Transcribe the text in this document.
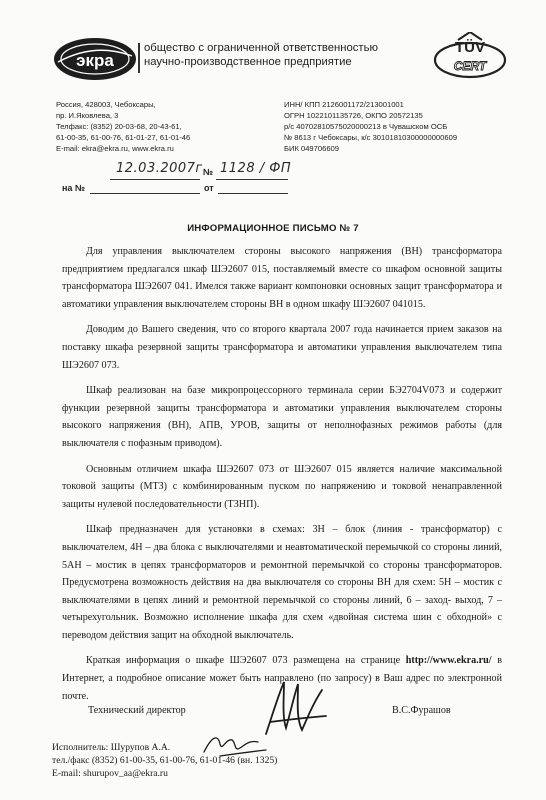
экра
общество с ограниченной ответственностью
научно-производственное предприятие
TÜV
CERT
Россия, 428003, Чебоксары,
пр. И.Яковлева, 3
Телфакс: (8352) 20-03-68, 20-43-61,
61-00-35, 61-00-76, 61-01-27, 61-01-46
E-mail: ekra@ekra.ru, www.ekra.ru
ИНН/ КПП 2126001172/213001001
ОГРН 1022101135726, ОКПО 20572135
р/с 40702810575020000213 в Чувашском ОСБ
№ 8613 г Чебоксары, к/с 30101810300000000609
БИК 049706609
12.03.2007г № 1128 / ФП
на №	от
ИНФОРМАЦИОННОЕ ПИСЬМО № 7

Для управления выключателем стороны высокого напряжения (ВН) трансформатора предприятием предлагался шкаф ШЭ2607 015, поставляемый вместе со шкафом основной защиты трансформатора ШЭ2607 041. Имелся также вариант компоновки основных защит трансформатора и автоматики управления выключателем стороны ВН в одном шкафу ШЭ2607 041015.

Доводим до Вашего сведения, что со второго квартала 2007 года начинается прием заказов на поставку шкафа резервной защиты трансформатора и автоматики управления выключателем типа ШЭ2607 073.

Шкаф реализован на базе микропроцессорного терминала серии БЭ2704V073 и содержит функции резервной защиты трансформатора и автоматики управления выключателем стороны высокого напряжения (ВН), АПВ, УРОВ, защиты от неполнофазных режимов работы (для выключателя с пофазным приводом).

Основным отличием шкафа ШЭ2607 073 от ШЭ2607 015 является наличие максимальной токовой защиты (МТЗ) с комбинированным пуском по напряжению и токовой ненаправленной защиты нулевой последовательности (ТЗНП).

Шкаф предназначен для установки в схемах: 3Н – блок (линия - трансформатор) с выключателем, 4Н – два блока с выключателями и неавтоматической перемычкой со стороны линий, 5АН – мостик в цепях трансформаторов и ремонтной перемычкой со стороны трансформаторов. Предусмотрена возможность действия на два выключателя со стороны ВН для схем: 5Н – мостик с выключателями в цепях линий и ремонтной перемычкой со стороны линий, 6 – заход- выход, 7 – четырехугольник. Возможно исполнение шкафа для схем «двойная система шин с обходной» с переводом действия защит на обходной выключатель.

Краткая информация о шкафе ШЭ2607 073 размещена на странице http://www.ekra.ru/ в Интернет, а подробное описание может быть направлено (по запросу) в Ваш адрес по электронной почте.

Технический директор	В.С.Фурашов
Исполнитель: Шурупов А.А.
тел./факс (8352) 61-00-35, 61-00-76, 61-01-46 (вн. 1325)
E-mail: shurupov_aa@ekra.ru
